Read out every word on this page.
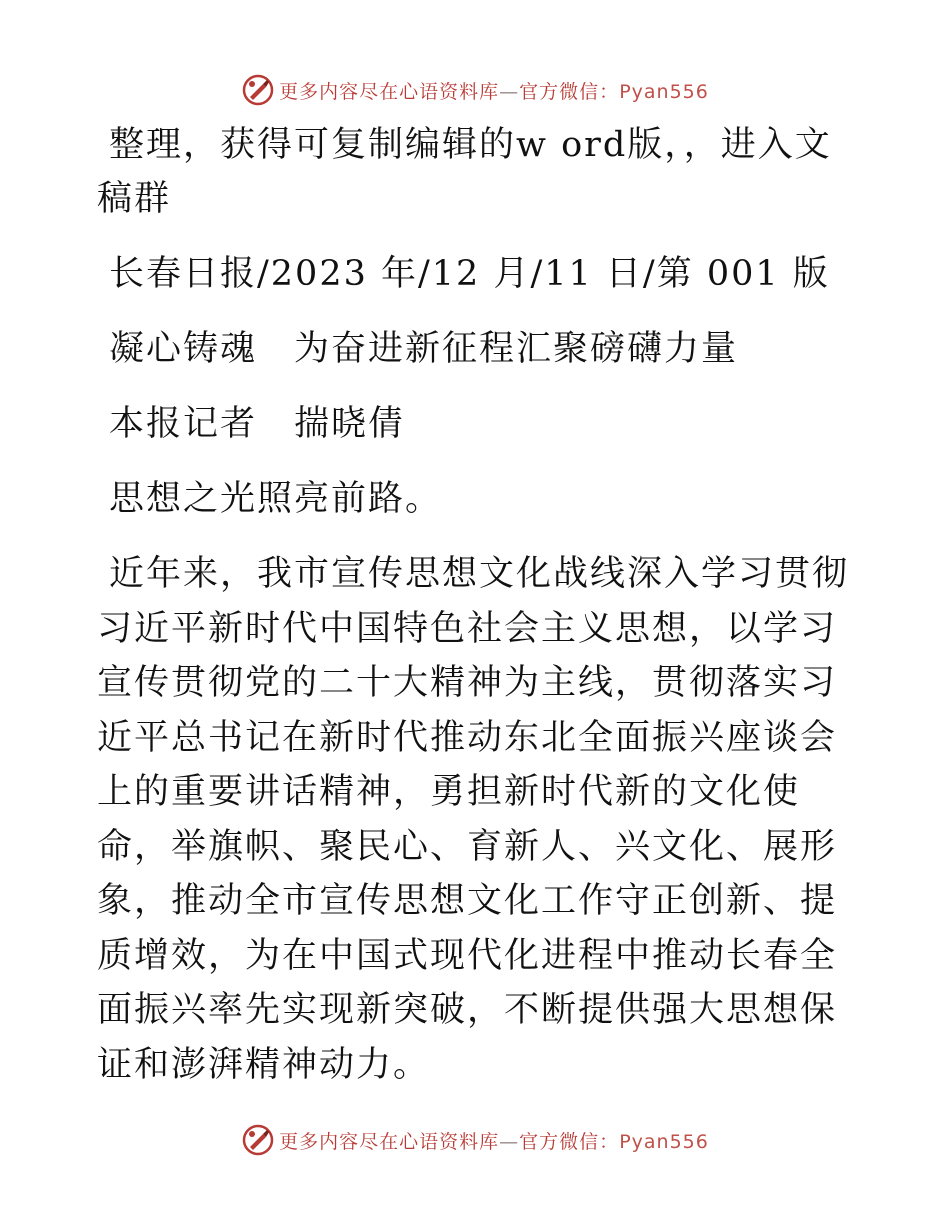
更多内容尽在心语资料库—官方微信：Pyan556

整理，获得可复制编辑的w ord版，，进入文稿群

长春日报/2023 年/12 月/11 日/第 001 版

凝心铸魂　为奋进新征程汇聚磅礴力量

本报记者　揣晓倩

思想之光照亮前路。

近年来，我市宣传思想文化战线深入学习贯彻习近平新时代中国特色社会主义思想，以学习宣传贯彻党的二十大精神为主线，贯彻落实习近平总书记在新时代推动东北全面振兴座谈会上的重要讲话精神，勇担新时代新的文化使命，举旗帜、聚民心、育新人、兴文化、展形象，推动全市宣传思想文化工作守正创新、提质增效，为在中国式现代化进程中推动长春全面振兴率先实现新突破，不断提供强大思想保证和澎湃精神动力。

更多内容尽在心语资料库—官方微信：Pyan556
